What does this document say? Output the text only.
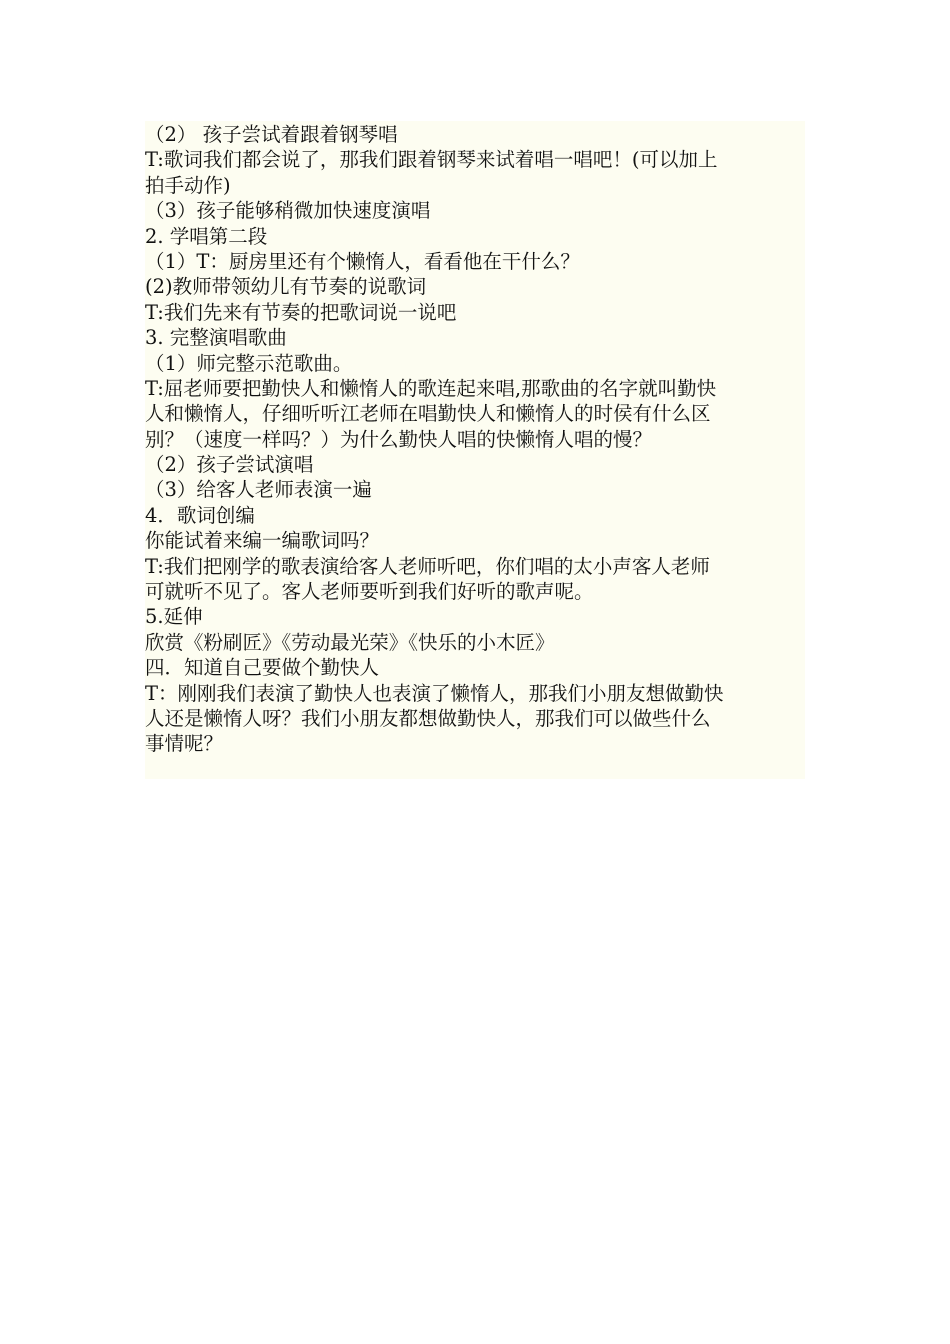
（2） 孩子尝试着跟着钢琴唱

T:歌词我们都会说了，那我们跟着钢琴来试着唱一唱吧！(可以加上

拍手动作)

（3）孩子能够稍微加快速度演唱

2. 学唱第二段

（1）T：厨房里还有个懒惰人，看看他在干什么？

(2)教师带领幼儿有节奏的说歌词

T:我们先来有节奏的把歌词说一说吧

3. 完整演唱歌曲

（1）师完整示范歌曲。

T:屈老师要把勤快人和懒惰人的歌连起来唱,那歌曲的名字就叫勤快

人和懒惰人，仔细听听江老师在唱勤快人和懒惰人的时侯有什么区

别？（速度一样吗？）为什么勤快人唱的快懒惰人唱的慢？

（2）孩子尝试演唱

（3）给客人老师表演一遍

4．歌词创编

你能试着来编一编歌词吗？

T:我们把刚学的歌表演给客人老师听吧，你们唱的太小声客人老师

可就听不见了。客人老师要听到我们好听的歌声呢。

5.延伸

欣赏《粉刷匠》《劳动最光荣》《快乐的小木匠》

四．知道自己要做个勤快人

T：刚刚我们表演了勤快人也表演了懒惰人，那我们小朋友想做勤快

人还是懒惰人呀？我们小朋友都想做勤快人，那我们可以做些什么

事情呢？
